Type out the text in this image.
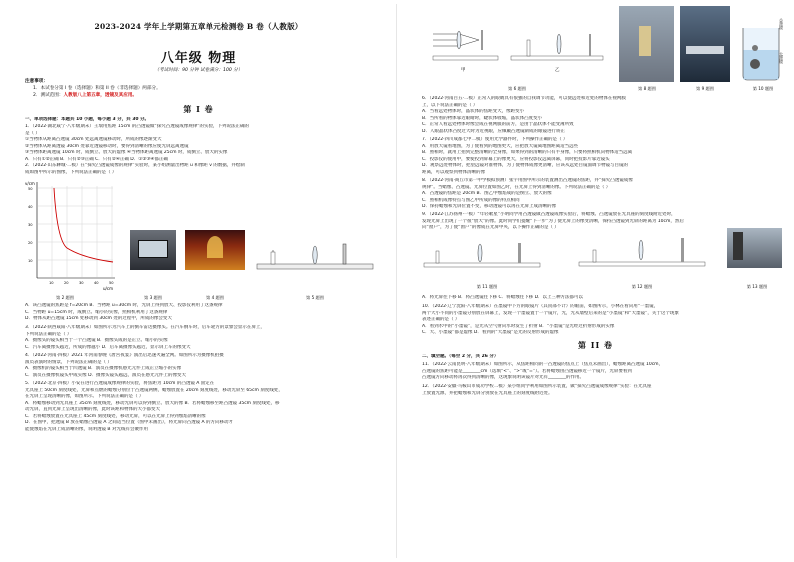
2023-2024 学年上学期第五章单元检测卷 B 卷（人教版）
八年级 物理
（考试时间：90 分钟 试卷满分：100 分）
注意事项：
1．本试卷分第 I 卷（选择题）和第 II 卷（非选择题）两部分。
2．测试范围：人教版八上第五章，透镜及其应用。
第 I 卷
一、单项选择题：本题共 10 小题，每小题 3 分，共 30 分。
1．（2022·湖北咸宁·八年级期末）王瑞用焦距 15cm 的凸透镜做“探究凸透镜成像规律”的实验，下列说法正确的
是（ ）
①当物体从距离凸透镜 30cm 处远离透镜移动时，所成的像逐渐变大
②当物体从距离透镜 30cm 处靠近透镜移动时，要得到清晰的像应使光屏远离透镜
③当物体距离透镜 10cm 时，成倒立、放大的虚像 ④当物体距离透镜 25cm 时，成倒立、放大的实像
A．只有①②正确 B．只有②③正确 C．只有②④正确 D．①②③④都正确
2．（2022·山东聊城·二模）在“探究凸透镜成像的规律”实验时，某小组测量出物距 u 和像距 v 的数据，并绘制
成如图甲所示的图像，下列说法正确的是（ ）
v/cm
u/cm
10	20	30	40	50
10
20
30
40
50
第 2 题图	第 3 题图	第 4 题图	第 5 题图
A．该凸透镜的焦距是 f=20cm B．当物距 u=30cm 时，光屏上得到放大、投影仪利用了这条规律
C．当物距 u=15cm 时，成倒立、缩小的实像，照相机利用了这条规律
D．物体从距凸透镜 15cm 处移动到 30cm 处的过程中，所成的像会变大
3．（2022·陕西咸阳·八年级期末）如图所示为汽车上的倒车雷达摄像头。在汽车倒车时，后车轮方的景象会显示在屏上，
下列说法正确的是（ ）
A．摄像头的镜头相当于一个凸透镜 B．摄像头成的是正立、缩小的实像
C．汽车离摄像头越近，所成的像越小 D．后车离摄像头越近，显示屏上车的像变大
4．（2022·河南·四模）2021 年河南春晚《唐宫夜宴》演出后迅速火遍全网。如图所示为摄像机拍摄
演员表演时的情景，下列说法正确的是（ ）
A．摄像机的镜头相当于凹透镜 B．演员在摄像机感光元件上成正立缩小的实像
C．演员在摄像机镜头中成实像 D．摄像头镜头越远，演员在感光元件上的像变大
5．（2022·北京·四模）小安在进行凸透镜成像规律的实验，将焦距为 10cm 的凸透镜 A 固定在
光具座上 50cm 刻度线处，光屏和点燃的蜡烛分别位于凸透镜两侧，蜡烛放置在 20cm 刻度线处，移动光屏至 65cm 刻度线处，
在光屏上呈现清晰的像，如图所示。下列说法正确的是（ ）
A．将蜡烛移动到光具座上 35cm 刻度线处，移动光屏可以得到倒立、放大的像 B．若将蜡烛移至距凸透镜 35cm 刻度线处，移
动光屏，直到光屏上呈现出清晰的像，此时该距和物体的大小都变大
C．若将蜡烛放置在光具座上 45cm 刻度线处，移动光屏，可以在光屏上得到烛焰清晰的像
D．在图中，把透镜 B 放在蜡烛凸透镜 A 之间适当位置（图中未画出），将光屏向凸透镜 A 的方向移动才
能使烛焰在光屏上成清晰的像，说明透镜 B 对光线有会聚作用
甲	乙
小墨镜
大墨镜
第 6 题图	第 8 题图	第 9 题图	第 10 题图
6．（2022·河南百五·二模）正常人的眼睛具有很强的自我调节功能，可以使远处和近处的物体在视网膜
上，以下说法正确的是（ ）
A．当看远处物体时，晶状体的焦距变大，像距变小
B．当所看的物体靠近眼睛时，睫状体收缩，晶状体凸度变小
C．正常人看远处物体时像会成在视网膜的前方，是由于晶状体不能变薄所致
D．人眼晶状体凸度过大时为近视眼，应佩戴凸透镜制成的眼镜进行矫正
7．（2022·四川成都七中二模）使用光学器件时，下列操作正确的是（ ）
A．用放大镜看地图，为了使看到的地图更大，应把放大镜离地图距离适当远些
B．照相时，就用上拍到完整清晰的全身像，如果得到的清晰的只有半身像，只要将照相机向物体适当远离
C．投影仪的使用中，要使投到屏幕上的像更大，应将投影仪远离屏幕，同时把投影片靠近镜头
D．观察远处物体时，把望远镜对准物体，为了使物体成像更清晰，应该从远处目镜面调节物镜与目镜的
距离，可以观察到物体清晰的像
8．（2022·河南·商丘市第一中学模拟预测）张宇用图甲所示的装置测出凸透镜的焦距，并“探究凸透镜成像
规律”。当蜡烛、凸透镜、光屏位置如图乙时，在光屏上得到清晰的像。下列说法正确的是（ ）
A．凸透镜的焦距是 20cm B．图乙中烛焰成的是倒立、放大的像
C．照相机成像特点与图乙中所成的像的特点相同
D．保持蜡烛和光屏位置不变，移动透镜可以再在光屏上成清晰的像
9．（2022·江苏扬州·一模）“年轻歌星”小明同学用凸透镜做凸透镜成像实验后，将蜡烛、凸透镜放在光具座的刻度线附近处时，
发现光屏上出现了一个很“放大”的像。此时同学们提醒“下一步”为了使光屏上的像变清晰，保持凸透镜到光屏的距离为 10cm，然后
向“窗户”，为了使“窗户”的像成在光屏中央，以下操作正确的是（ ）
第 11 题图	第 12 题图	第 13 题图
A．将光屏往下移 B．将凸透镜往下移 C．将蜡烛往下移 D．以上三种方法都可以
10．（2022·辽宁沈阳·八年级期末）在墨镜中下方的眼镜片（其顶部不计）的眼前，如图所示，小林在看向用“一墨镜，
两个大小不同的小墨镜分别放在屏幕上，发现一个墨镜置于一个镜片，光，光从墙壁后来的是“小墨镜”和“大墨镜”，关于这个现象
表述正确的是（ ）
A．看到水中的“小墨镜”，是光从空气射向水时发生了折射 B．“小墨镜”是光经过折射形成的实像
C．大、小墨镜”都是虚像 D．看到的“大墨镜”是光的反射形成的虚像
第 II 卷
二、填空题。（每空 2 分，共 26 分）
11．（2022·云南昆明·八年级期末）如图所示，从焦距相同的一凸透镜的焦点上（焦点未画出），蜡烛距离凸透镜 10cm，
凸透镜的焦距可能是________cm（选填“<”、“>”或“=”）。若将蜡烛由凸透镜移近一个镜片，光屏要看到
凸透镜方向移动将再次得到清晰的像，这现象说明该镜片对光有________的作用。
12．（2022·安徽·马鞍山市成功学校二模）某小组同学利用如图所示装置，做“探究凸透镜成像规律”实验：在光具座
上放置光源，并把蜡烛和光屏分别放在光具座上的刻度线附近处。
